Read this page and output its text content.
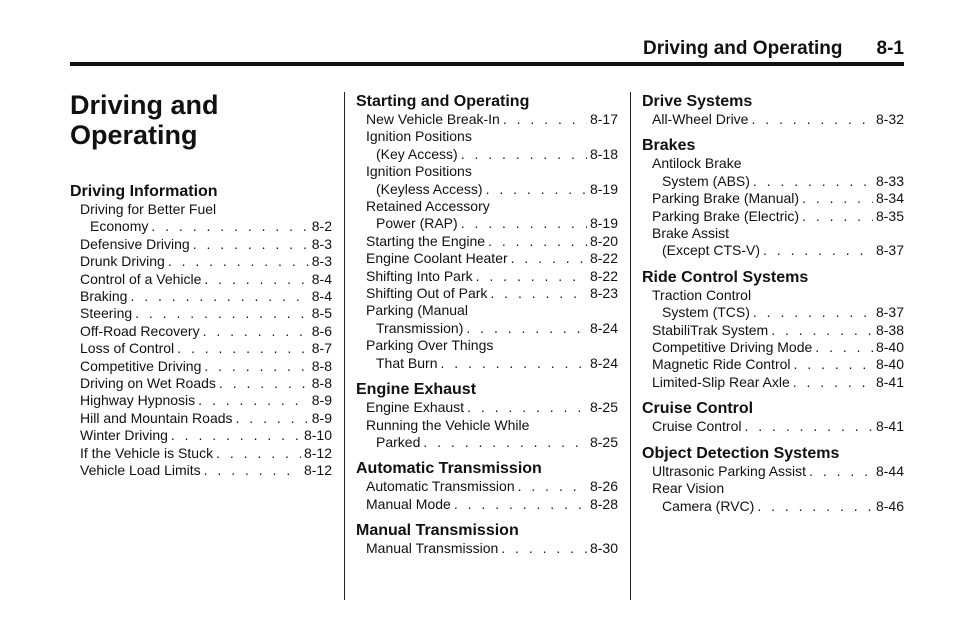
Driving and Operating 8-1
Driving and
Operating
Driving Information
Driving for Better Fuel
Economy . . .	8-2
Defensive Driving . . .	8-3
Drunk Driving . . .	8-3
Control of a Vehicle . . .	8-4
Braking . . .	8-4
Steering . . .	8-5
Off-Road Recovery . . .	8-6
Loss of Control . . .	8-7
Competitive Driving . . .	8-8
Driving on Wet Roads . . .	8-8
Highway Hypnosis . . .	8-9
Hill and Mountain Roads . . .	8-9
Winter Driving . . .	8-10
If the Vehicle is Stuck . . .	8-12
Vehicle Load Limits . . .	8-12
Starting and Operating
New Vehicle Break-In . . .	8-17
Ignition Positions
(Key Access) . . .	8-18
Ignition Positions
(Keyless Access) . . .	8-19
Retained Accessory
Power (RAP) . . .	8-19
Starting the Engine . . .	8-20
Engine Coolant Heater . . .	8-22
Shifting Into Park . . .	8-22
Shifting Out of Park . . .	8-23
Parking (Manual
Transmission) . . .	8-24
Parking Over Things
That Burn . . .	8-24
Engine Exhaust
Engine Exhaust . . .	8-25
Running the Vehicle While
Parked . . .	8-25
Automatic Transmission
Automatic Transmission . . .	8-26
Manual Mode . . .	8-28
Manual Transmission
Manual Transmission . . .	8-30
Drive Systems
All-Wheel Drive . . .	8-32
Brakes
Antilock Brake
System (ABS) . . .	8-33
Parking Brake (Manual) . . .	8-34
Parking Brake (Electric) . . .	8-35
Brake Assist
(Except CTS-V) . . .	8-37
Ride Control Systems
Traction Control
System (TCS) . . .	8-37
StabiliTrak System . . .	8-38
Competitive Driving Mode . . .	8-40
Magnetic Ride Control . . .	8-40
Limited-Slip Rear Axle . . .	8-41
Cruise Control
Cruise Control . . .	8-41
Object Detection Systems
Ultrasonic Parking Assist . . .	8-44
Rear Vision
Camera (RVC) . . .	8-46
